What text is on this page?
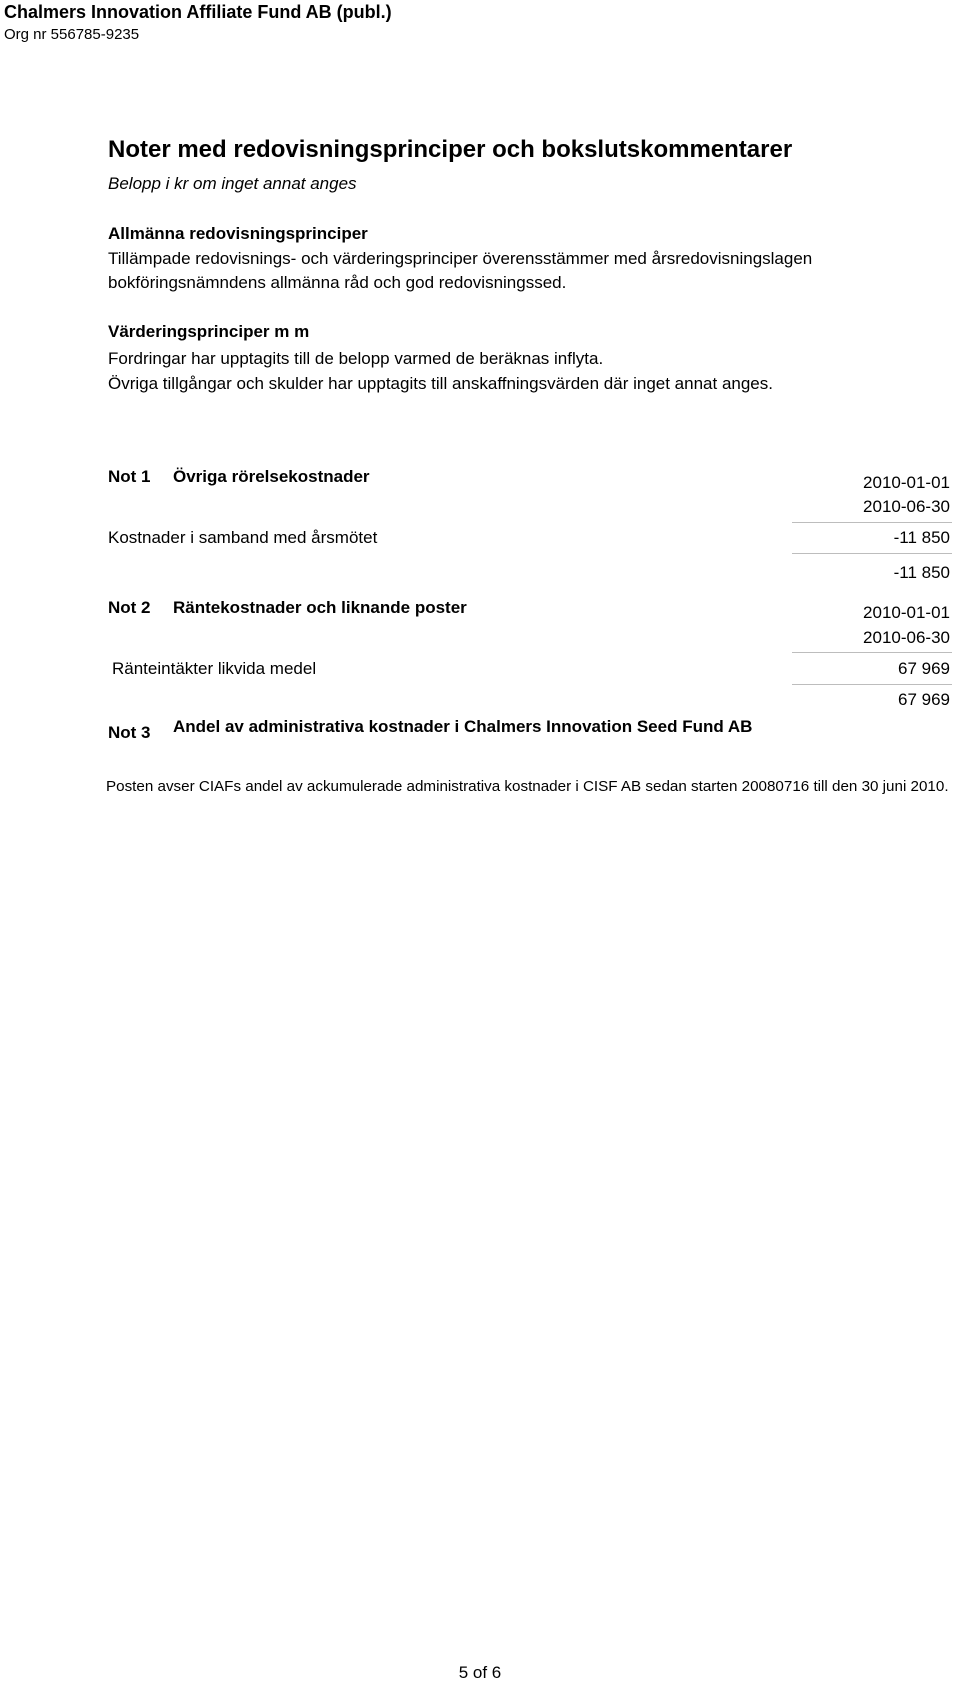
Chalmers Innovation Affiliate Fund AB (publ.)
Org nr 556785-9235
Noter med redovisningsprinciper och bokslutskommentarer
Belopp i kr om inget annat anges
Allmänna redovisningsprinciper
Tillämpade redovisnings- och värderingsprinciper överensstämmer med årsredovisningslagen
bokföringsnämndens allmänna råd och god redovisningssed.
Värderingsprinciper m m
Fordringar har upptagits till de belopp varmed de beräknas inflyta.
Övriga tillgångar och skulder har upptagits till anskaffningsvärden där inget annat anges.
Not 1 Övriga rörelsekostnader	2010-01-01
2010-06-30
Kostnader i samband med årsmötet	-11 850
-11 850
Not 2 Räntekostnader och liknande poster	2010-01-01
2010-06-30
Ränteintäkter likvida medel	67 969
67 969
Not 3 Andel av administrativa kostnader i Chalmers Innovation Seed Fund AB
Posten avser CIAFs andel av ackumulerade administrativa kostnader i CISF AB sedan starten 20080716 till den 30 juni 2010.
5 of 6
